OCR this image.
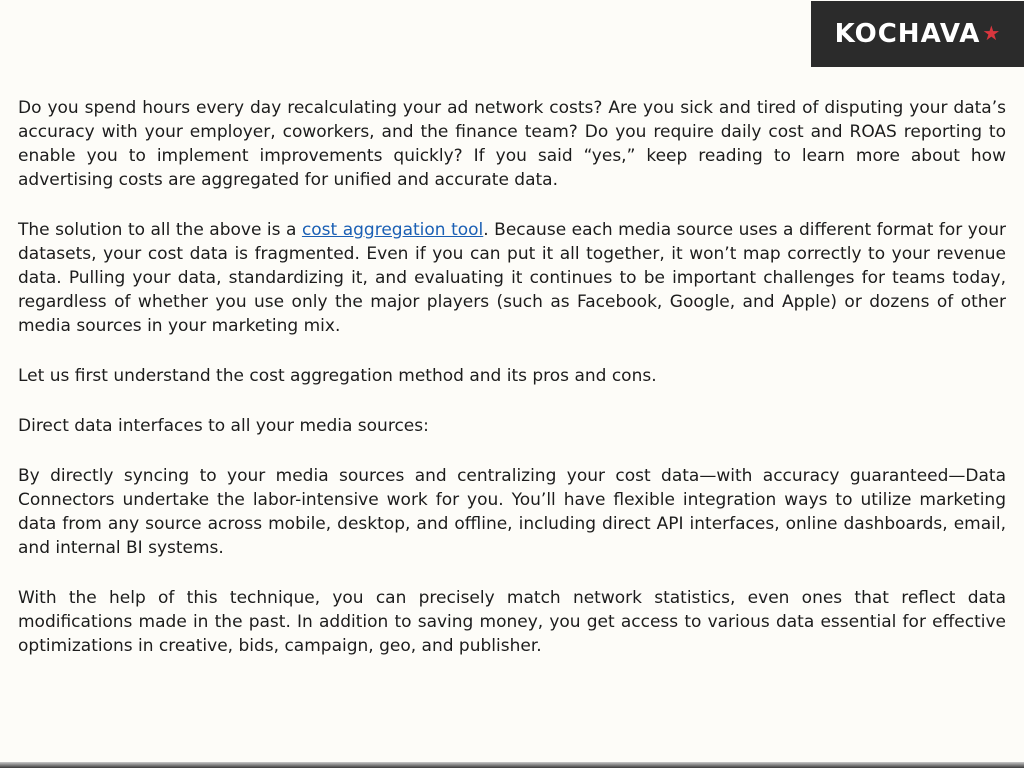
KOCHAVA ★

Do you spend hours every day recalculating your ad network costs? Are you sick and tired of disputing your data’s accuracy with your employer, coworkers, and the finance team? Do you require daily cost and ROAS reporting to enable you to implement improvements quickly? If you said “yes,” keep reading to learn more about how advertising costs are aggregated for unified and accurate data.

The solution to all the above is a cost aggregation tool. Because each media source uses a different format for your datasets, your cost data is fragmented. Even if you can put it all together, it won’t map correctly to your revenue data. Pulling your data, standardizing it, and evaluating it continues to be important challenges for teams today, regardless of whether you use only the major players (such as Facebook, Google, and Apple) or dozens of other media sources in your marketing mix.

Let us first understand the cost aggregation method and its pros and cons.

Direct data interfaces to all your media sources:

By directly syncing to your media sources and centralizing your cost data—with accuracy guaranteed—Data Connectors undertake the labor-intensive work for you. You’ll have flexible integration ways to utilize marketing data from any source across mobile, desktop, and offline, including direct API interfaces, online dashboards, email, and internal BI systems.

With the help of this technique, you can precisely match network statistics, even ones that reflect data modifications made in the past. In addition to saving money, you get access to various data essential for effective optimizations in creative, bids, campaign, geo, and publisher.
